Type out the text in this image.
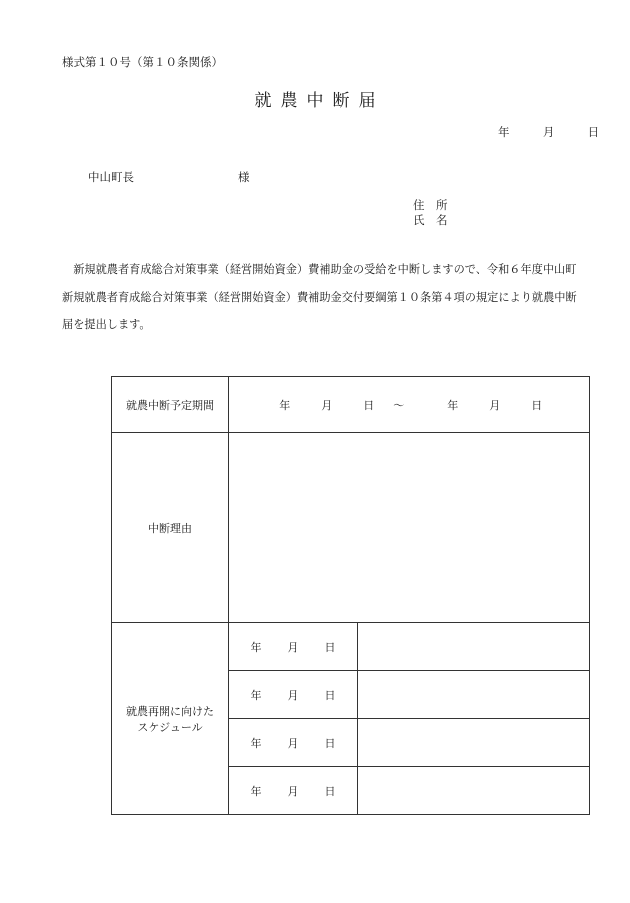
様式第１０号（第１０条関係）
就農中断届
年	月	日
中山町長	様
住　所
氏　名
新規就農者育成総合対策事業（経営開始資金）費補助金の受給を中断しますので、令和６年度中山町新規就農者育成総合対策事業（経営開始資金）費補助金交付要綱第１０条第４項の規定により就農中断届を提出します。
就農中断予定期間	年 月 日 ～ 年 月 日	
中断理由		

就農再開に向けた
スケジュール	年 月 日	
	年 月 日	
	年 月 日	
	年 月 日	
